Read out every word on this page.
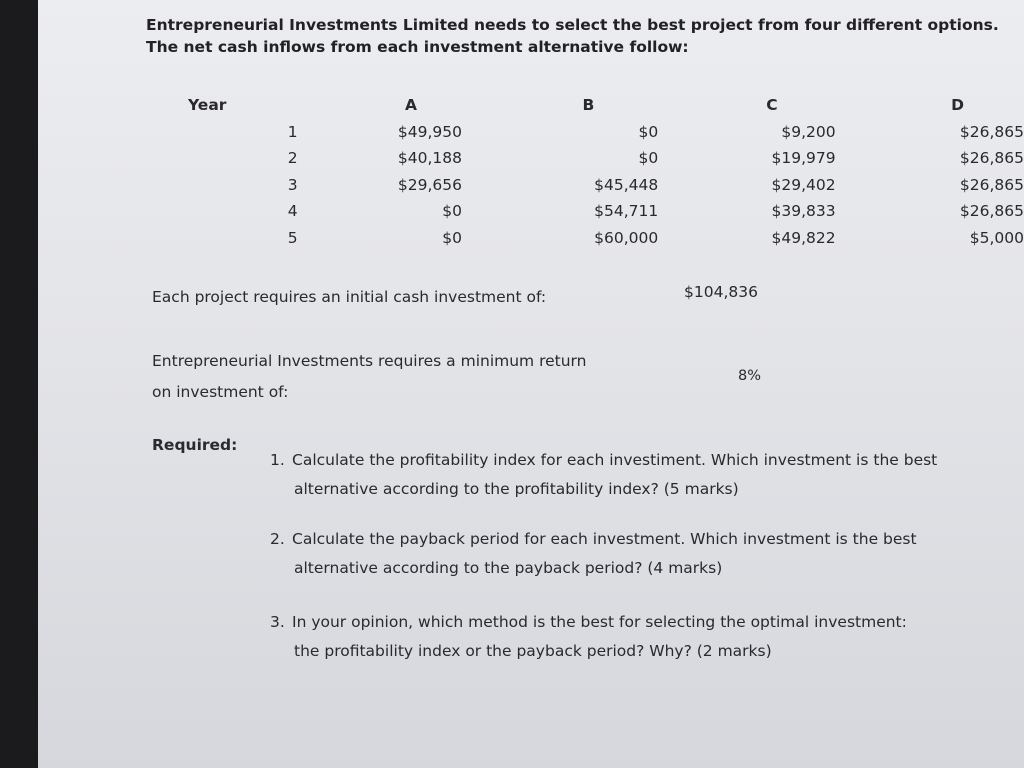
Entrepreneurial Investments Limited needs to select the best project from four different options.
The net cash inflows from each investment alternative follow:
Year	A	B	C	D
1	$49,950	$0	$9,200	$26,865
2	$40,188	$0	$19,979	$26,865
3	$29,656	$45,448	$29,402	$26,865
4	$0	$54,711	$39,833	$26,865
5	$0	$60,000	$49,822	$5,000
Each project requires an initial cash investment of:	$104,836
Entrepreneurial Investments requires a minimum return
on investment of:
8%
Required:
1. Calculate the profitability index for each investiment. Which investment is the best
alternative according to the profitability index? (5 marks)
2. Calculate the payback period for each investment. Which investment is the best
alternative according to the payback period? (4 marks)
3. In your opinion, which method is the best for selecting the optimal investment:
the profitability index or the payback period? Why? (2 marks)
